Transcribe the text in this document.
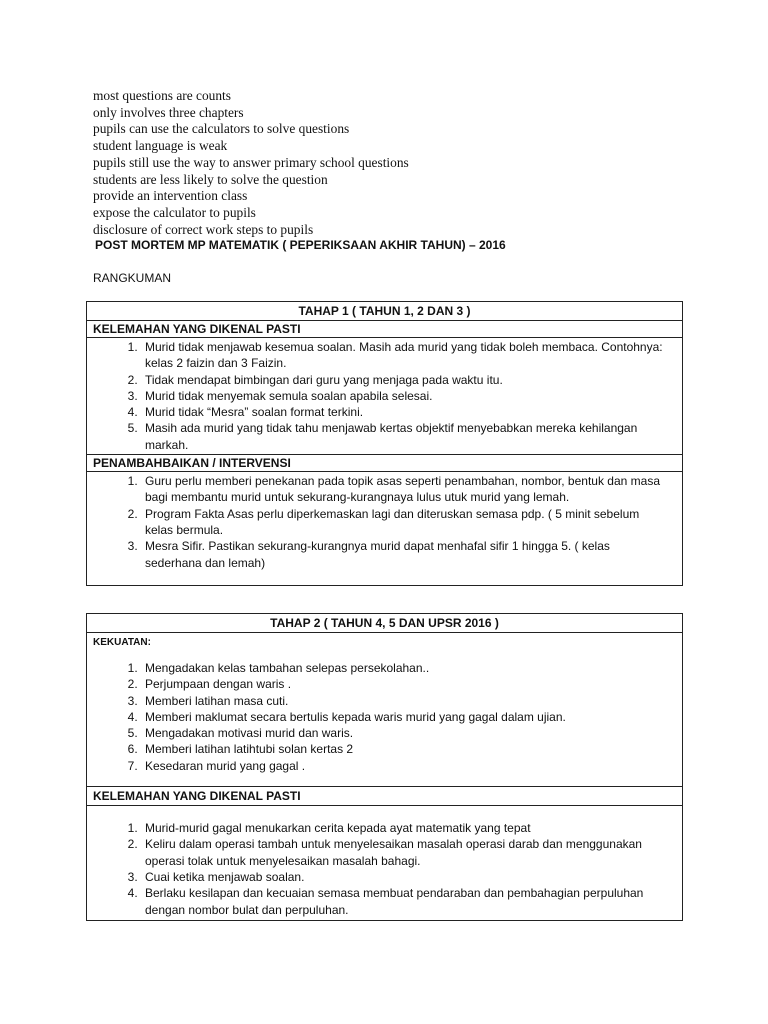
most questions are counts
only involves three chapters
pupils can use the calculators to solve questions
student language is weak
pupils still use the way to answer primary school questions
students are less likely to solve the question
provide an intervention class
expose the calculator to pupils
disclosure of correct work steps to pupils
POST MORTEM MP MATEMATIK ( PEPERIKSAAN AKHIR TAHUN) – 2016
RANGKUMAN
TAHAP 1 ( TAHUN 1, 2 DAN 3 )
KELEMAHAN YANG DIKENAL PASTI
1. Murid tidak menjawab kesemua soalan. Masih ada murid yang tidak boleh membaca. Contohnya: kelas 2 faizin dan 3 Faizin.
2. Tidak mendapat bimbingan dari guru yang menjaga pada waktu itu.
3. Murid tidak menyemak semula soalan apabila selesai.
4. Murid tidak “Mesra” soalan format terkini.
5. Masih ada murid yang tidak tahu menjawab kertas objektif menyebabkan mereka kehilangan markah.
PENAMBAHBAIKAN / INTERVENSI
1. Guru perlu memberi penekanan pada topik asas seperti penambahan, nombor, bentuk dan masa bagi membantu murid untuk sekurang-kurangnaya lulus utuk murid yang lemah.
2. Program Fakta Asas perlu diperkemaskan lagi dan diteruskan semasa pdp. ( 5 minit sebelum kelas bermula.
3. Mesra Sifir. Pastikan sekurang-kurangnya murid dapat menhafal sifir 1 hingga 5. ( kelas sederhana dan lemah)
TAHAP 2 ( TAHUN 4, 5 DAN UPSR 2016 )
KEKUATAN:
1. Mengadakan kelas tambahan selepas persekolahan..
2. Perjumpaan dengan waris .
3. Memberi latihan masa cuti.
4. Memberi maklumat secara bertulis kepada waris murid yang gagal dalam ujian.
5. Mengadakan motivasi murid dan waris.
6. Memberi latihan latihtubi solan kertas 2
7. Kesedaran murid yang gagal .
KELEMAHAN YANG DIKENAL PASTI
1. Murid-murid gagal menukarkan cerita kepada ayat matematik yang tepat
2. Keliru dalam operasi tambah untuk menyelesaikan masalah operasi darab dan menggunakan operasi tolak untuk menyelesaikan masalah bahagi.
3. Cuai ketika menjawab soalan.
4. Berlaku kesilapan dan kecuaian semasa membuat pendaraban dan pembahagian perpuluhan dengan nombor bulat dan perpuluhan.
